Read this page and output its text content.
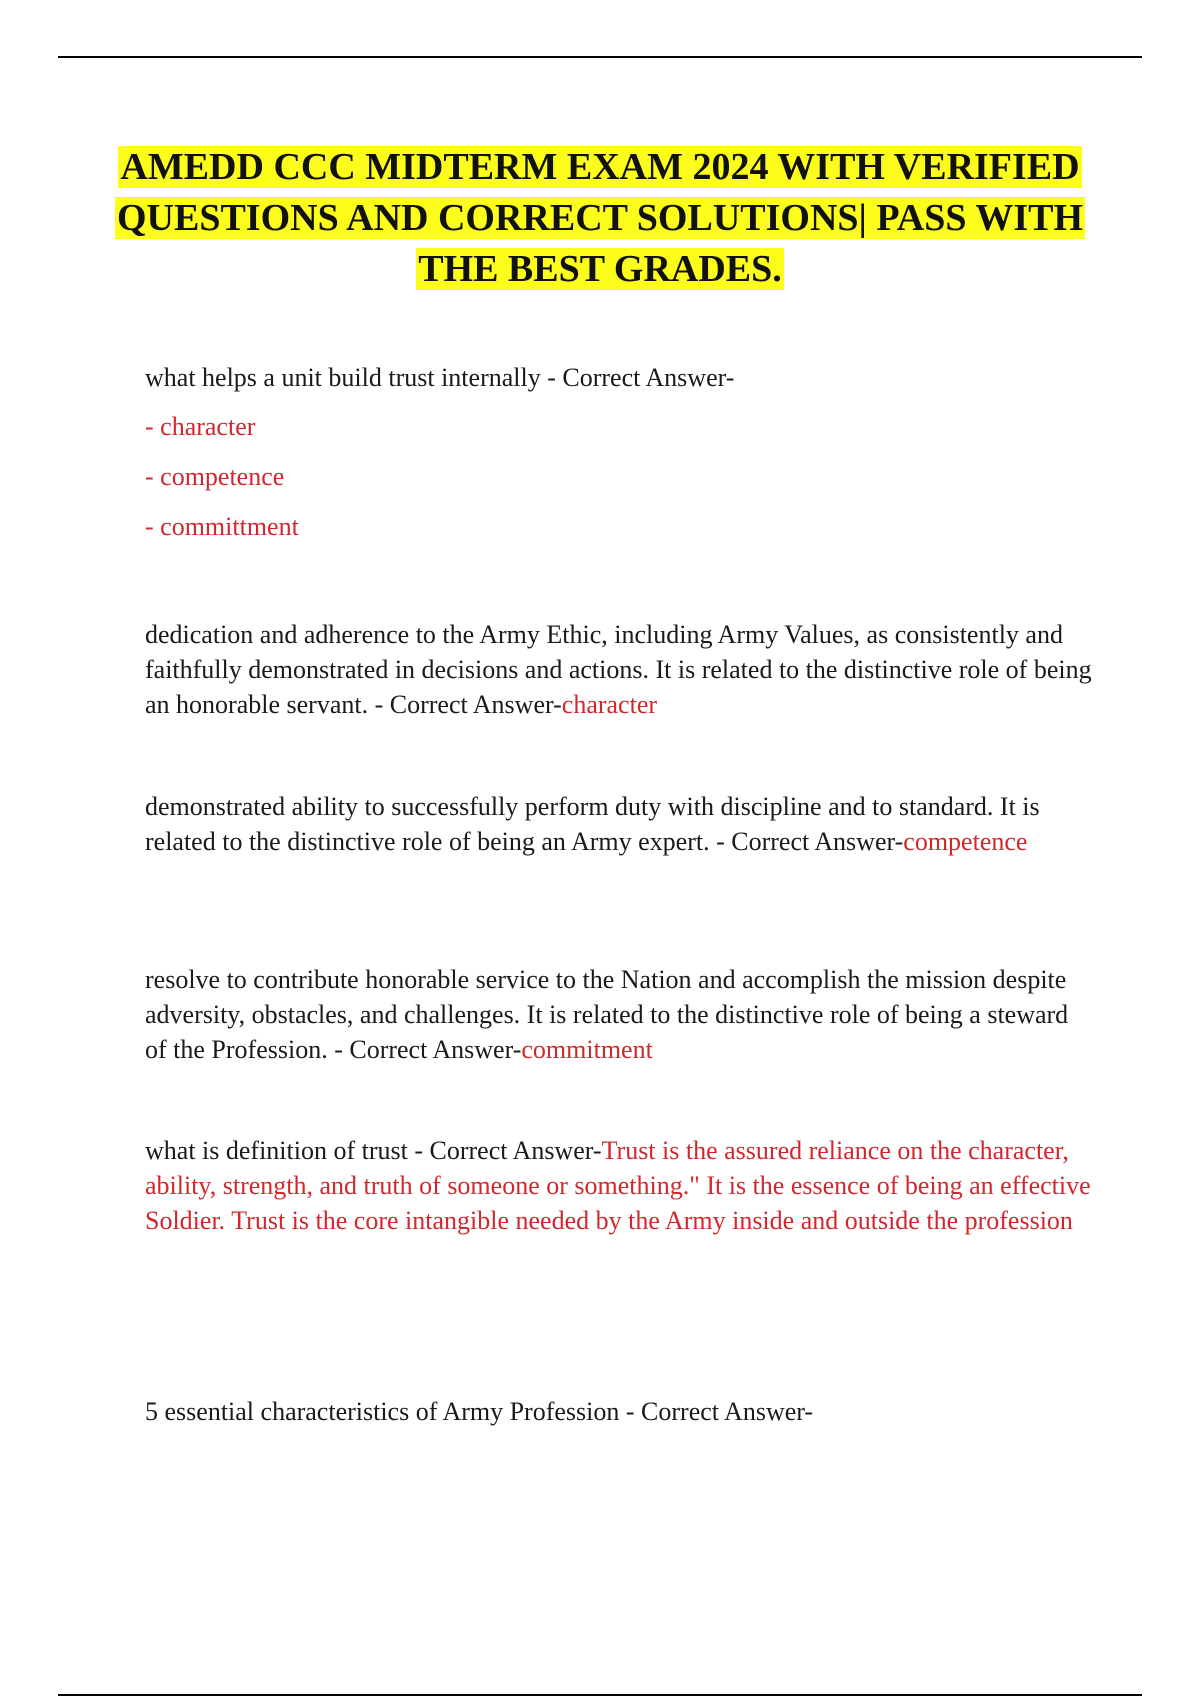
AMEDD CCC MIDTERM EXAM 2024 WITH VERIFIED QUESTIONS AND CORRECT SOLUTIONS| PASS WITH THE BEST GRADES.
what helps a unit build trust internally - Correct Answer-
- character
- competence
- committment
dedication and adherence to the Army Ethic, including Army Values, as consistently and faithfully demonstrated in decisions and actions. It is related to the distinctive role of being an honorable servant. - Correct Answer-character
demonstrated ability to successfully perform duty with discipline and to standard. It is related to the distinctive role of being an Army expert. - Correct Answer-competence
resolve to contribute honorable service to the Nation and accomplish the mission despite adversity, obstacles, and challenges. It is related to the distinctive role of being a steward of the Profession. - Correct Answer-commitment
what is definition of trust - Correct Answer-Trust is the assured reliance on the character, ability, strength, and truth of someone or something." It is the essence of being an effective Soldier. Trust is the core intangible needed by the Army inside and outside the profession
5 essential characteristics of Army Profession - Correct Answer-
